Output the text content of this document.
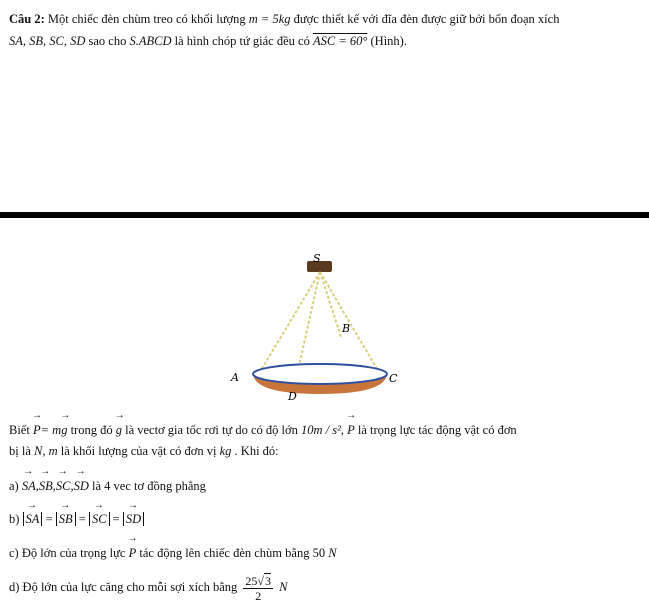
Câu 2: Một chiếc đèn chùm treo có khối lượng m = 5kg được thiết kế với đĩa đèn được giữ bởi bốn đoạn xích
SA, SB, SC, SD sao cho S.ABCD là hình chóp tứ giác đều có ASC = 60° (Hình).
S
A
B
C
D
Biết → P= m→ g trong đó → g là vectơ gia tốc rơi tự do có độ lớn 10m / s², → P là trọng lực tác động vật có đơn
bị là N, m là khối lượng của vật có đơn vị kg . Khi đó:
a) → SA,→ SB,→ SC,→ SD là 4 vec tơ đồng phẳng
b) → SA = → SB = → SC = → SD
c) Độ lớn của trọng lực → P tác động lên chiếc đèn chùm bằng 50 N
d) Độ lớn của lực căng cho mỗi sợi xích bằng $\frac{25√3}{2}$ N
